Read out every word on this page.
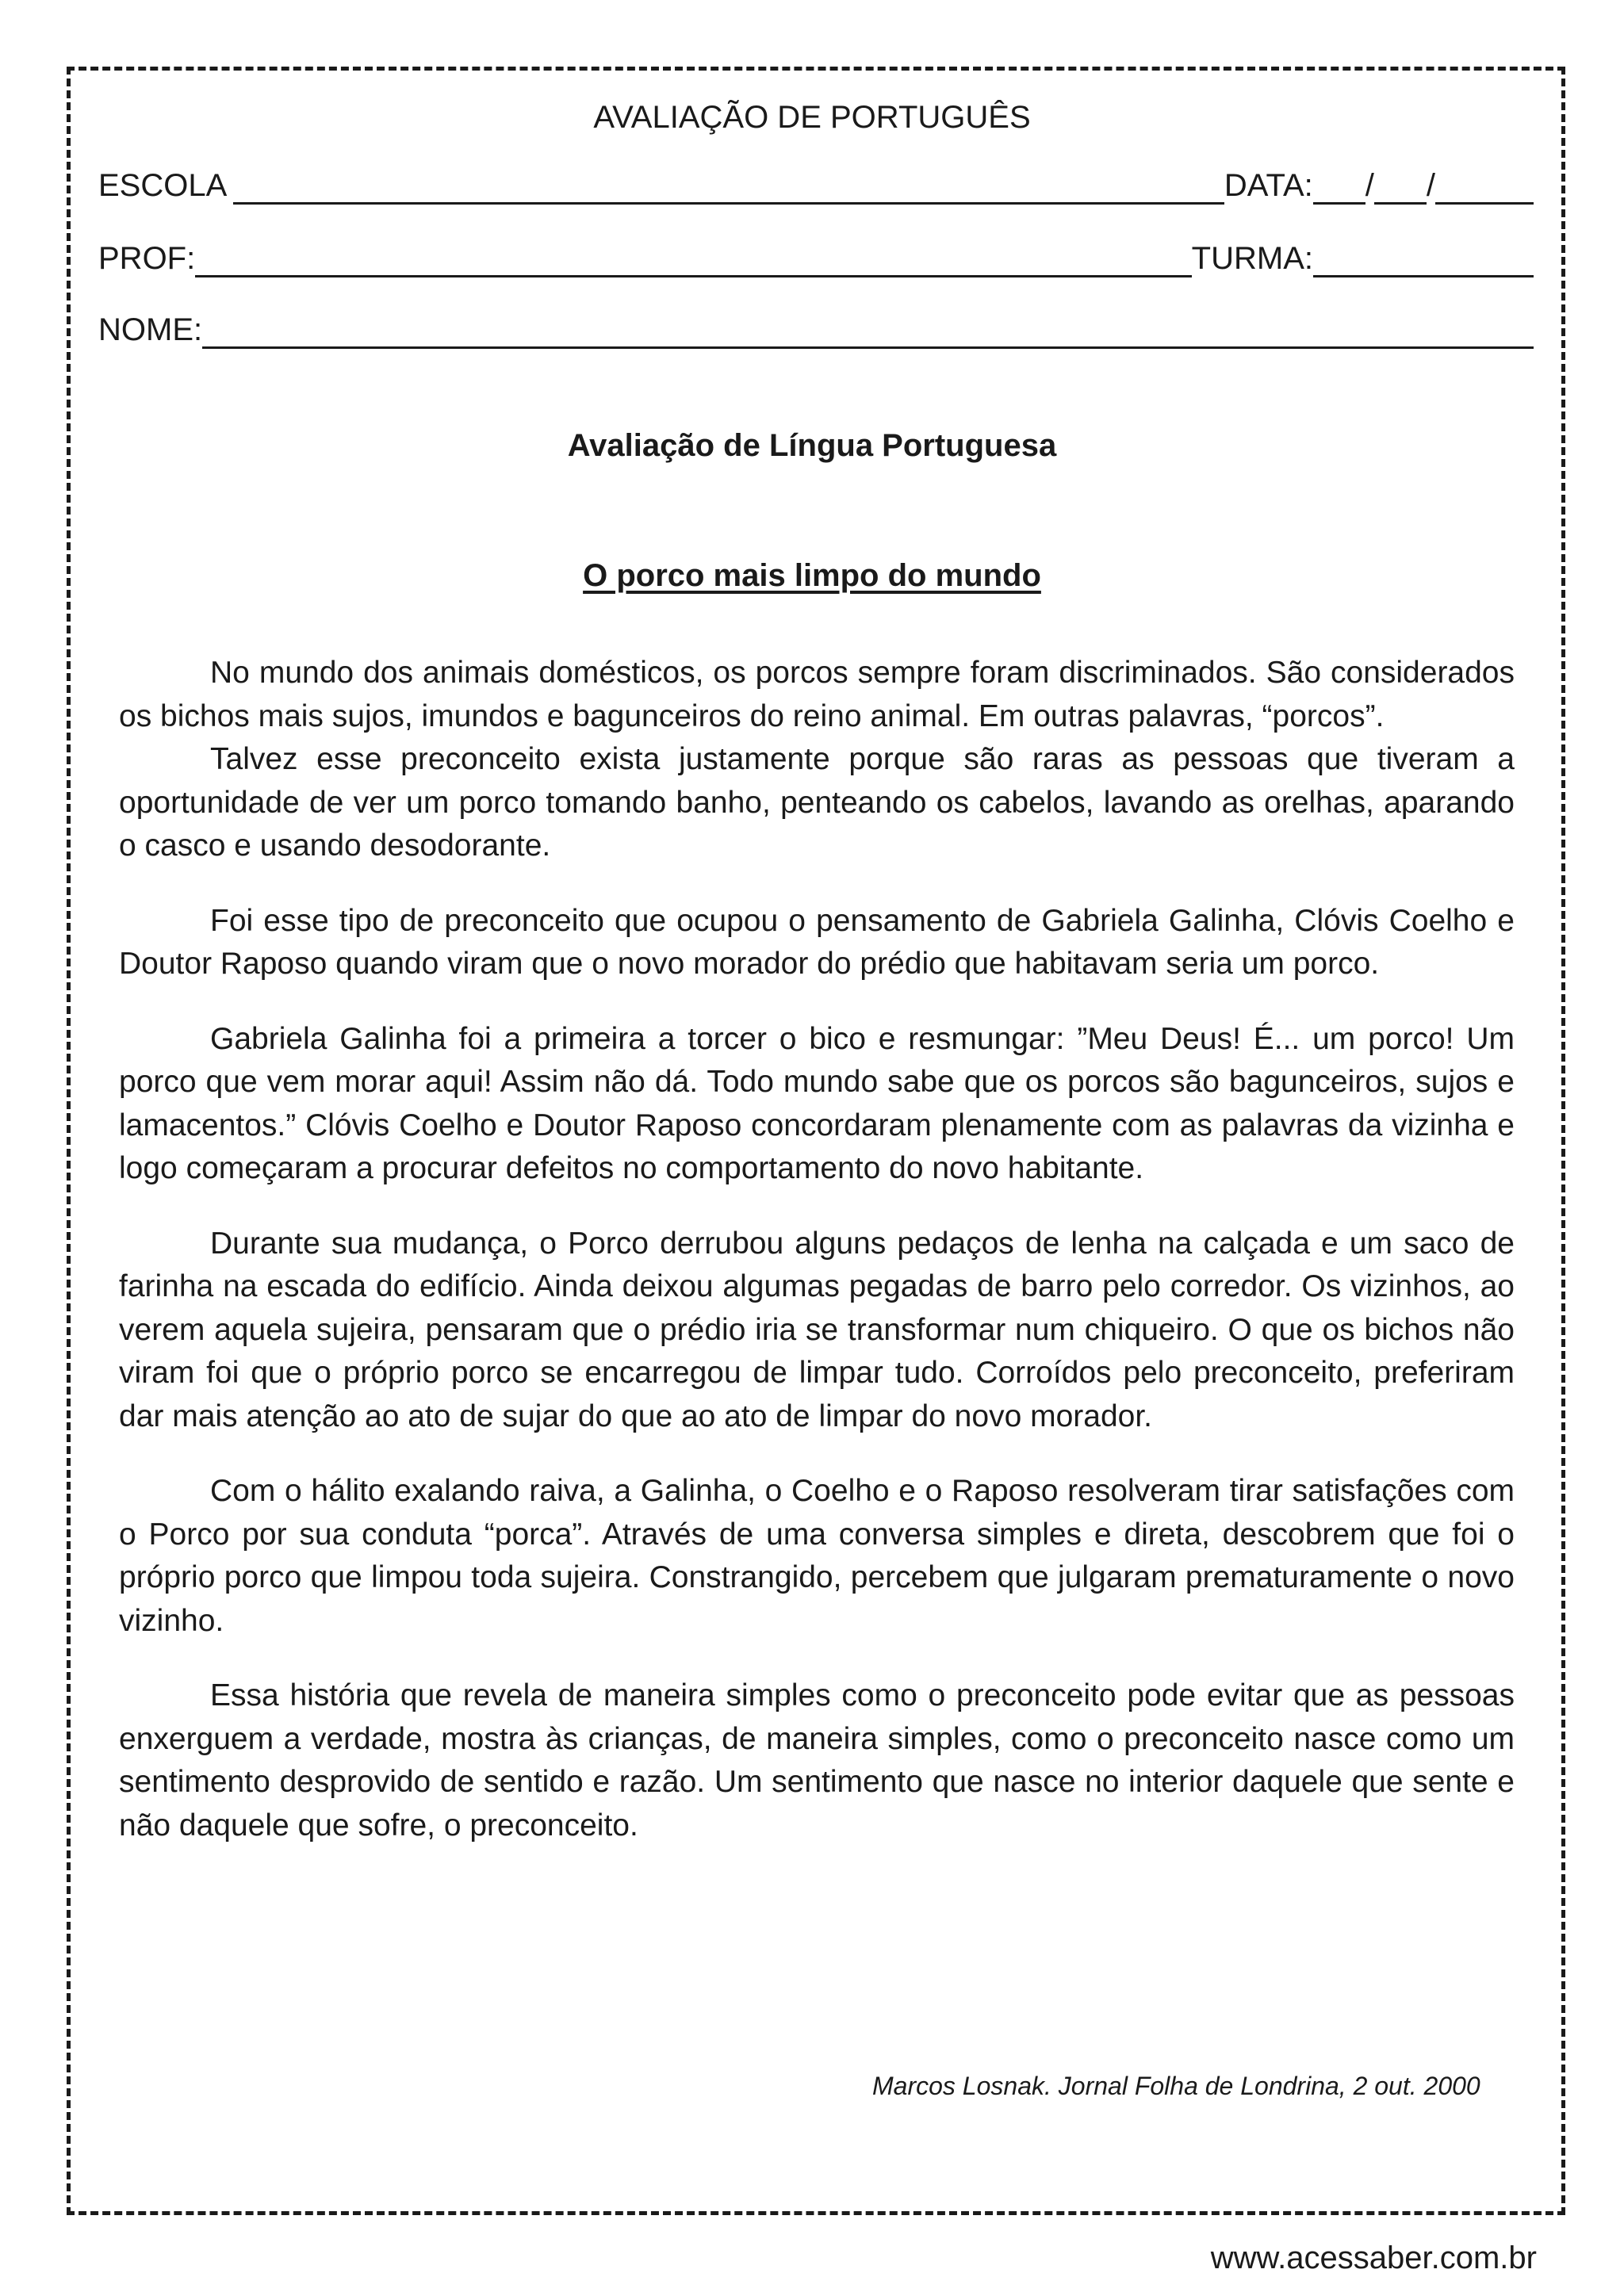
AVALIAÇÃO DE PORTUGUÊS
ESCOLA	DATA: / /
PROF:	TURMA:
NOME:
Avaliação de Língua Portuguesa
O porco mais limpo do mundo

No mundo dos animais domésticos, os porcos sempre foram discriminados. São considerados os bichos mais sujos, imundos e bagunceiros do reino animal. Em outras palavras, “porcos”.

Talvez esse preconceito exista justamente porque são raras as pessoas que tiveram a oportunidade de ver um porco tomando banho, penteando os cabelos, lavando as orelhas, aparando o casco e usando desodorante.

Foi esse tipo de preconceito que ocupou o pensamento de Gabriela Galinha, Clóvis Coelho e Doutor Raposo quando viram que o novo morador do prédio que habitavam seria um porco.

Gabriela Galinha foi a primeira a torcer o bico e resmungar: ”Meu Deus! É... um porco! Um porco que vem morar aqui! Assim não dá. Todo mundo sabe que os porcos são bagunceiros, sujos e lamacentos.” Clóvis Coelho e Doutor Raposo concordaram plenamente com as palavras da vizinha e logo começaram a procurar defeitos no comportamento do novo habitante.

Durante sua mudança, o Porco derrubou alguns pedaços de lenha na calçada e um saco de farinha na escada do edifício. Ainda deixou algumas pegadas de barro pelo corredor. Os vizinhos, ao verem aquela sujeira, pensaram que o prédio iria se transformar num chiqueiro. O que os bichos não viram foi que o próprio porco se encarregou de limpar tudo. Corroídos pelo preconceito, preferiram dar mais atenção ao ato de sujar do que ao ato de limpar do novo morador.

Com o hálito exalando raiva, a Galinha, o Coelho e o Raposo resolveram tirar satisfações com o Porco por sua conduta “porca”. Através de uma conversa simples e direta, descobrem que foi o próprio porco que limpou toda sujeira. Constrangido, percebem que julgaram prematuramente o novo vizinho.

Essa história que revela de maneira simples como o preconceito pode evitar que as pessoas enxerguem a verdade, mostra às crianças, de maneira simples, como o preconceito nasce como um sentimento desprovido de sentido e razão. Um sentimento que nasce no interior daquele que sente e não daquele que sofre, o preconceito.

Marcos Losnak. Jornal Folha de Londrina, 2 out. 2000
www.acessaber.com.br
